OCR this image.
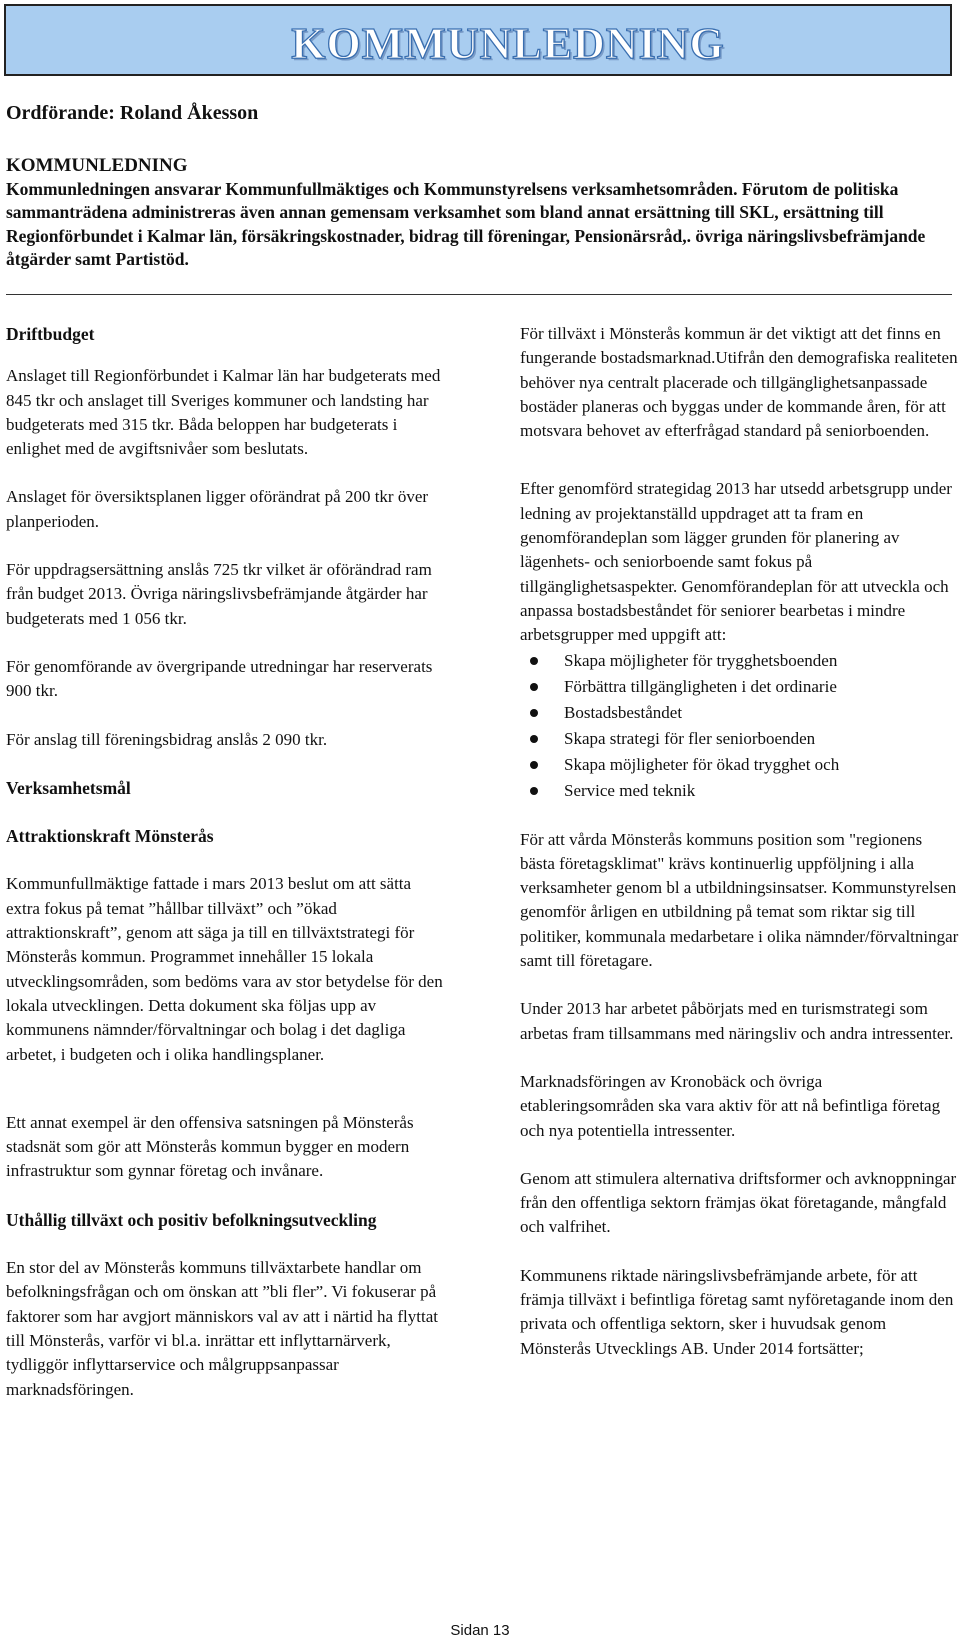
KOMMUNLEDNING
Ordförande: Roland Åkesson
KOMMUNLEDNING
Kommunledningen ansvarar Kommunfullmäktiges och Kommunstyrelsens verksamhetsområden. Förutom de politiska sammanträdena administreras även annan gemensam verksamhet som bland annat ersättning till SKL, ersättning till Regionförbundet i Kalmar län, försäkringskostnader, bidrag till föreningar, Pensionärsråd,. övriga näringslivsbefrämjande åtgärder samt Partistöd.

Driftbudget

Anslaget till Regionförbundet i Kalmar län har budgeterats med 845 tkr och anslaget till Sveriges kommuner och landsting har budgeterats med 315 tkr. Båda beloppen har budgeterats i enlighet med de avgiftsnivåer som beslutats.

Anslaget för översiktsplanen ligger oförändrat på 200 tkr över planperioden.

För uppdragsersättning anslås 725 tkr vilket är oförändrad ram från budget 2013. Övriga näringslivsbefrämjande åtgärder har budgeterats med 1 056 tkr.

För genomförande av övergripande utredningar har reserverats 900 tkr.

För anslag till föreningsbidrag anslås 2 090 tkr.

Verksamhetsmål

Attraktionskraft Mönsterås

Kommunfullmäktige fattade i mars 2013 beslut om att sätta extra fokus på temat ”hållbar tillväxt” och ”ökad attraktionskraft”, genom att säga ja till en tillväxtstrategi för Mönsterås kommun. Programmet innehåller 15 lokala utvecklingsområden, som bedöms vara av stor betydelse för den lokala utvecklingen. Detta dokument ska följas upp av kommunens nämnder/förvaltningar och bolag i det dagliga arbetet, i budgeten och i olika handlingsplaner.

Ett annat exempel är den offensiva satsningen på Mönsterås stadsnät som gör att Mönsterås kommun bygger en modern infrastruktur som gynnar företag och invånare.

Uthållig tillväxt och positiv befolkningsutveckling

En stor del av Mönsterås kommuns tillväxtarbete handlar om befolkningsfrågan och om önskan att ”bli fler”. Vi fokuserar på faktorer som har avgjort människors val av att i närtid ha flyttat till Mönsterås, varför vi bl.a. inrättar ett inflyttarnärverk, tydliggör inflyttarservice och målgruppsanpassar marknadsföringen.

För tillväxt i Mönsterås kommun är det viktigt att det finns en fungerande bostadsmarknad.Utifrån den demografiska realiteten behöver nya centralt placerade och tillgänglighetsanpassade bostäder planeras och byggas under de kommande åren, för att motsvara behovet av efterfrågad standard på seniorboenden.

Efter genomförd strategidag 2013 har utsedd arbetsgrupp under ledning av projektanställd uppdraget att ta fram en genomförandeplan som lägger grunden för planering av lägenhets- och seniorboende samt fokus på tillgänglighetsaspekter. Genomförandeplan för att utveckla och anpassa bostadsbeståndet för seniorer bearbetas i mindre arbetsgrupper med uppgift att:

Skapa möjligheter för trygghetsboenden
Förbättra tillgängligheten i det ordinarie
Bostadsbeståndet
Skapa strategi för fler seniorboenden
Skapa möjligheter för ökad trygghet och
Service med teknik

För att vårda Mönsterås kommuns position som "regionens bästa företagsklimat" krävs kontinuerlig uppföljning i alla verksamheter genom bl a utbildningsinsatser. Kommunstyrelsen genomför årligen en utbildning på temat som riktar sig till politiker, kommunala medarbetare i olika nämnder/förvaltningar samt till företagare.

Under 2013 har arbetet påbörjats med en turismstrategi som arbetas fram tillsammans med näringsliv och andra intressenter.

Marknadsföringen av Kronobäck och övriga etableringsområden ska vara aktiv för att nå befintliga företag och nya potentiella intressenter.

Genom att stimulera alternativa driftsformer och avknoppningar från den offentliga sektorn främjas ökat företagande, mångfald och valfrihet.

Kommunens riktade näringslivsbefrämjande arbete, för att främja tillväxt i befintliga företag samt nyföretagande inom den privata och offentliga sektorn, sker i huvudsak genom Mönsterås Utvecklings AB. Under 2014 fortsätter;

Sidan 13
